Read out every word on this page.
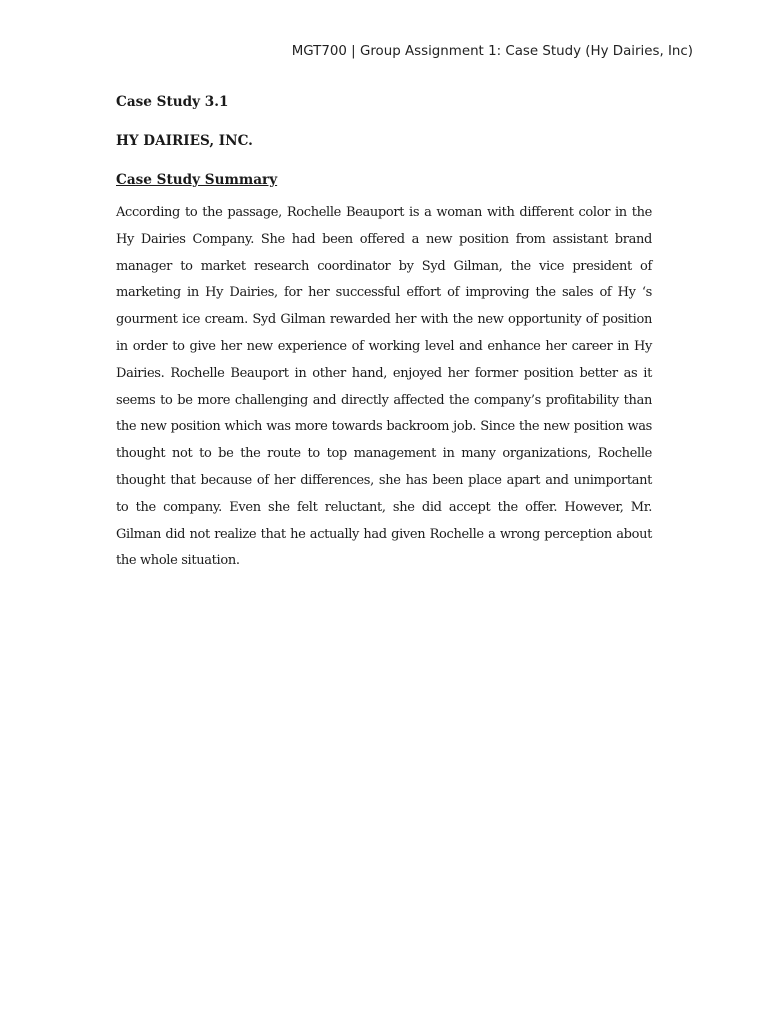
MGT700 | Group Assignment 1: Case Study (Hy Dairies, Inc)

Case Study 3.1

HY DAIRIES, INC.

Case Study Summary

According to the passage, Rochelle Beauport is a woman with different color in the Hy Dairies Company. She had been offered a new position from assistant brand manager to market research coordinator by Syd Gilman, the vice president of marketing in Hy Dairies, for her successful effort of improving the sales of Hy ‘s gourment ice cream. Syd Gilman rewarded her with the new opportunity of position in order to give her new experience of working level and enhance her career in Hy Dairies. Rochelle Beauport in other hand, enjoyed her former position better as it seems to be more challenging and directly affected the company’s profitability than the new position which was more towards backroom job. Since the new position was thought not to be the route to top management in many organizations, Rochelle thought that because of her differences, she has been place apart and unimportant to the company. Even she felt reluctant, she did accept the offer. However, Mr. Gilman did not realize that he actually had given Rochelle a wrong perception about the whole situation.
